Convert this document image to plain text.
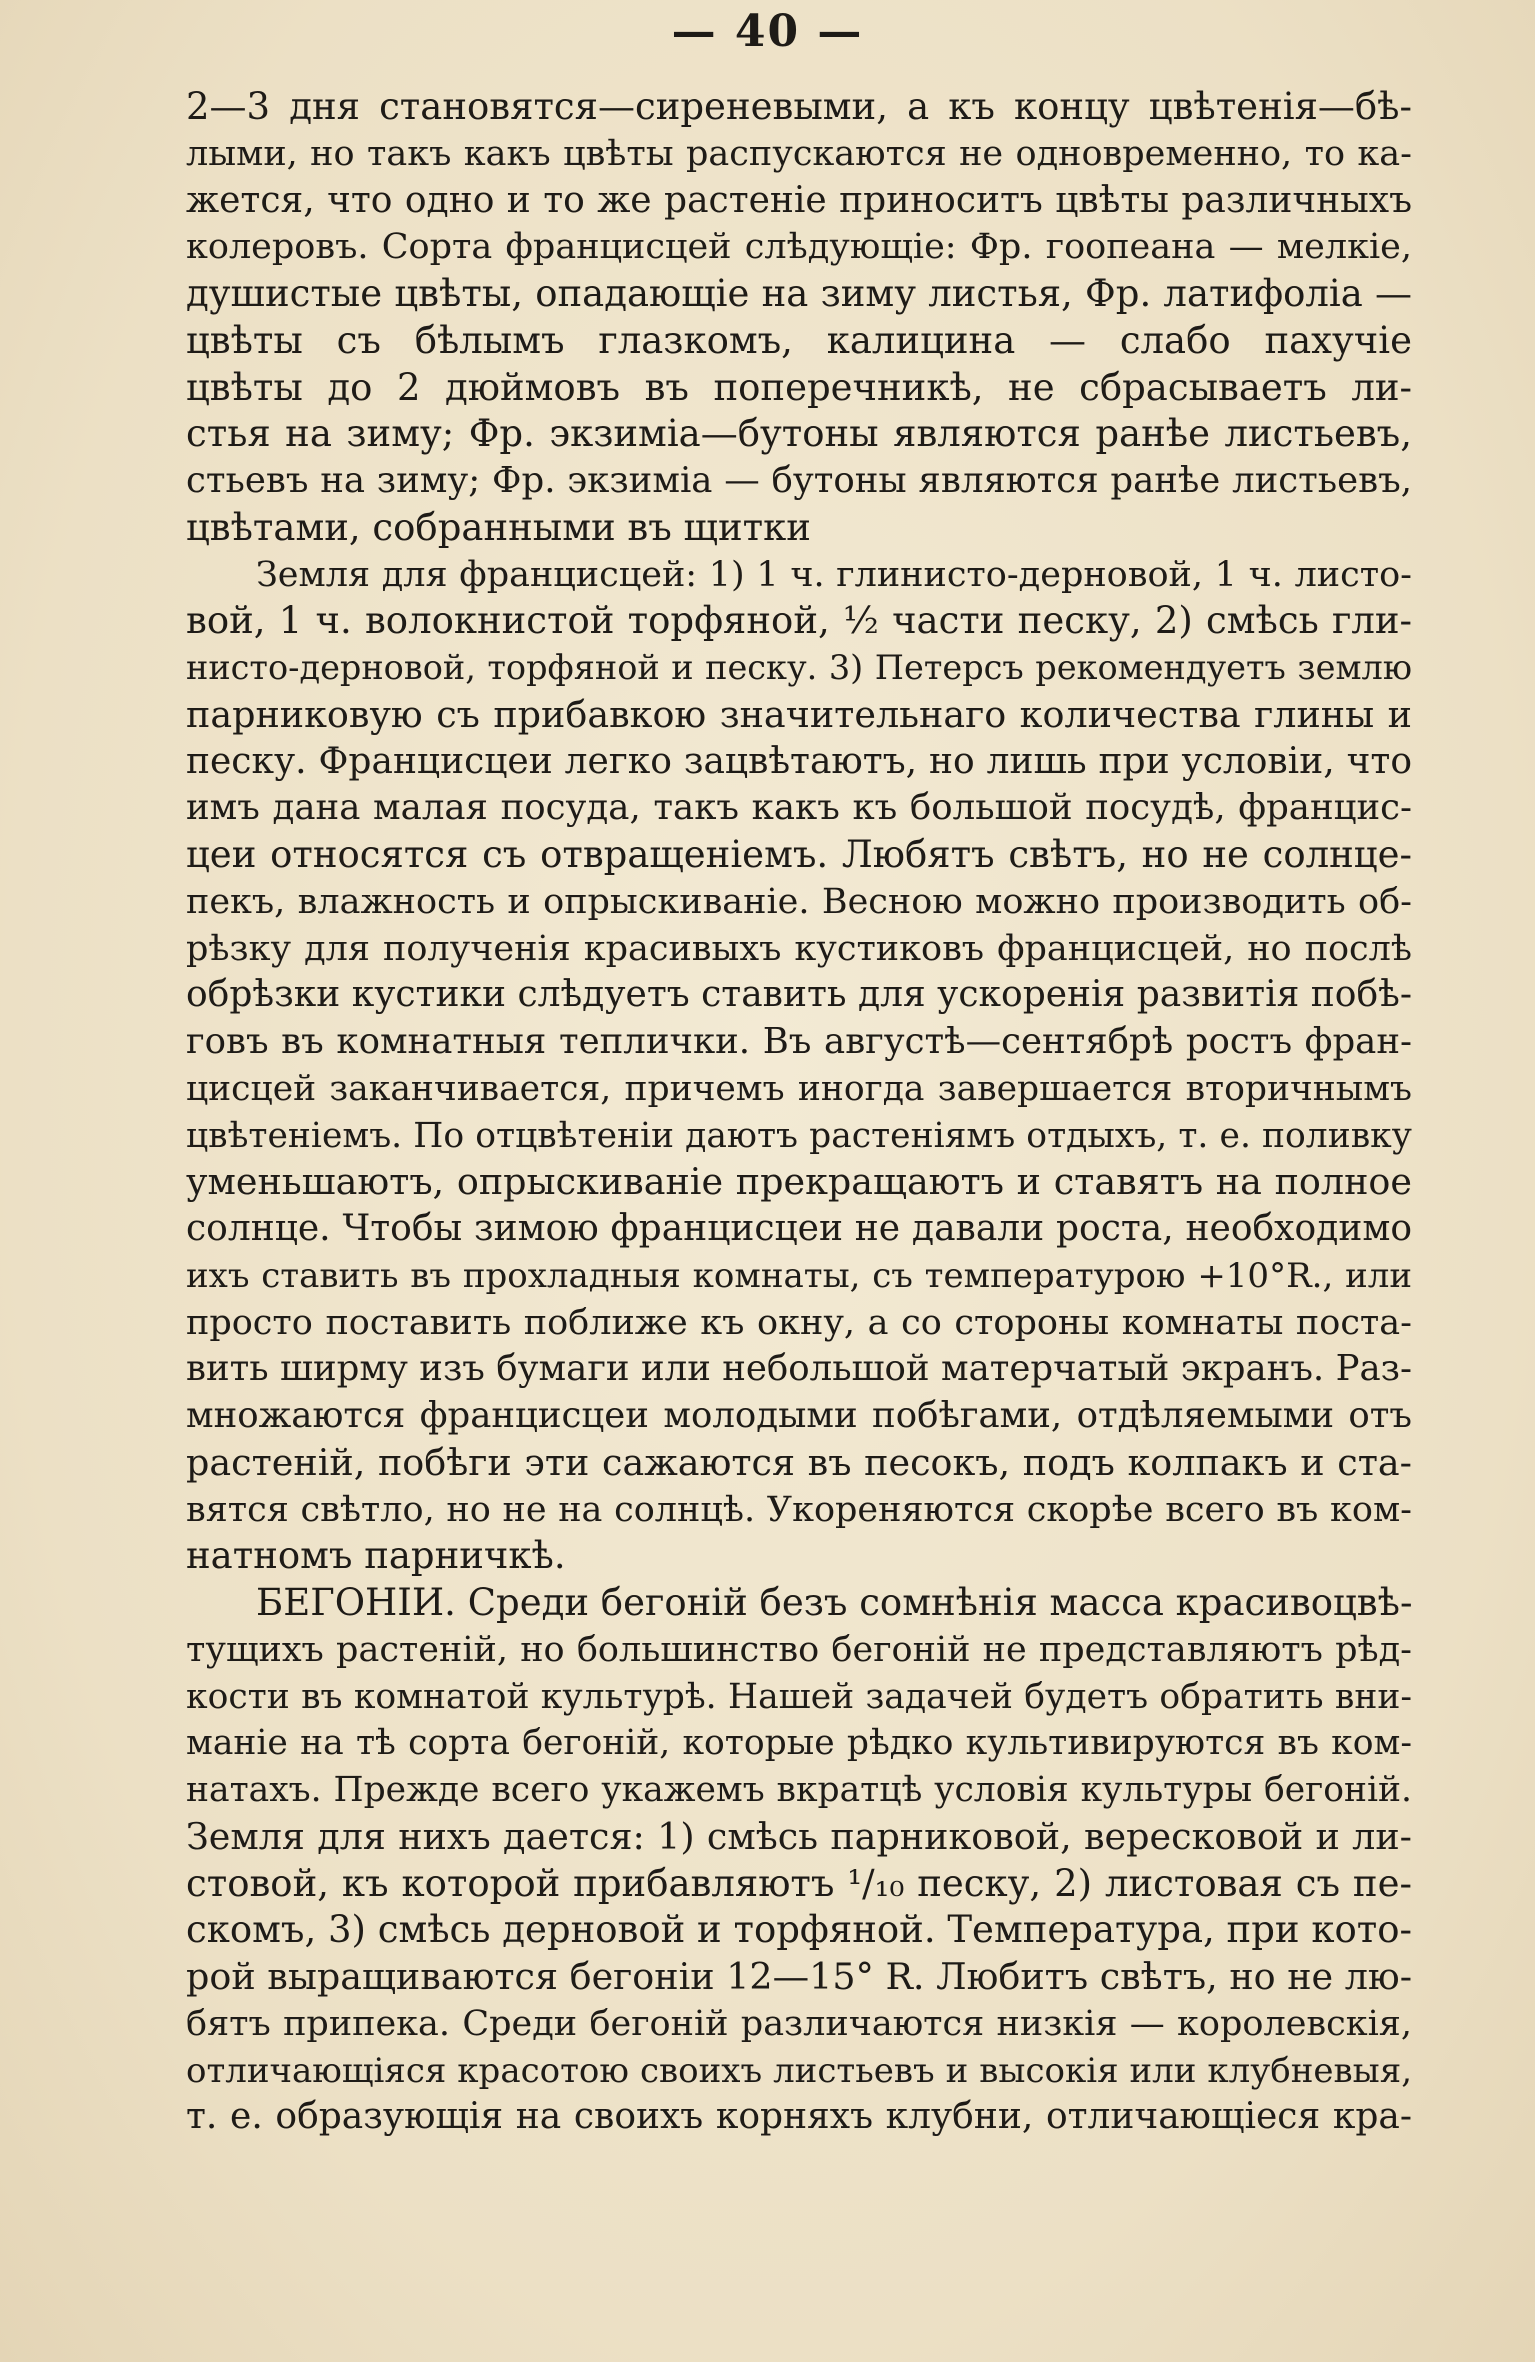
— 40 —
2—3 дня становятся—сиреневыми, а къ концу цвѣтенія—бѣ-
лыми, но такъ какъ цвѣты распускаются не одновременно, то ка-
жется, что одно и то же растеніе приноситъ цвѣты различныхъ
колеровъ. Сорта францисцей слѣдующіе: Фр. гоопеана — мелкіе,
душистые цвѣты, опадающіе на зиму листья, Фр. латифоліа —
цвѣты съ бѣлымъ глазкомъ, калицина — слабо пахучіе
цвѣты до 2 дюймовъ въ поперечникѣ, не сбрасываетъ ли-
стья на зиму; Фр. экзиміа—бутоны являются ранѣе листьевъ,
стьевъ на зиму; Фр. экзиміа — бутоны являются ранѣе листьевъ,
цвѣтами, собранными въ щитки
Земля для францисцей: 1) 1 ч. глинисто-дерновой, 1 ч. листо-
вой, 1 ч. волокнистой торфяной, ½ части песку, 2) смѣсь гли-
нисто-дерновой, торфяной и песку. 3) Петерсъ рекомендуетъ землю
парниковую съ прибавкою значительнаго количества глины и
песку. Францисцеи легко зацвѣтаютъ, но лишь при условіи, что
имъ дана малая посуда, такъ какъ къ большой посудѣ, францис-
цеи относятся съ отвращеніемъ. Любятъ свѣтъ, но не солнце-
пекъ, влажность и опрыскиваніе. Весною можно производить об-
рѣзку для полученія красивыхъ кустиковъ францисцей, но послѣ
обрѣзки кустики слѣдуетъ ставить для ускоренія развитія побѣ-
говъ въ комнатныя теплички. Въ августѣ—сентябрѣ ростъ фран-
цисцей заканчивается, причемъ иногда завершается вторичнымъ
цвѣтеніемъ. По отцвѣтеніи даютъ растеніямъ отдыхъ, т. е. поливку
уменьшаютъ, опрыскиваніе прекращаютъ и ставятъ на полное
солнце. Чтобы зимою францисцеи не давали роста, необходимо
ихъ ставить въ прохладныя комнаты, съ температурою +10°R., или
просто поставить поближе къ окну, а со стороны комнаты поста-
вить ширму изъ бумаги или небольшой матерчатый экранъ. Раз-
множаются францисцеи молодыми побѣгами, отдѣляемыми отъ
растеній, побѣги эти сажаются въ песокъ, подъ колпакъ и ста-
вятся свѣтло, но не на солнцѣ. Укореняются скорѣе всего въ ком-
натномъ парничкѣ.
БЕГОНІИ. Среди бегоній безъ сомнѣнія масса красивоцвѣ-
тущихъ растеній, но большинство бегоній не представляютъ рѣд-
кости въ комнатой культурѣ. Нашей задачей будетъ обратить вни-
маніе на тѣ сорта бегоній, которые рѣдко культивируются въ ком-
натахъ. Прежде всего укажемъ вкратцѣ условія культуры бегоній.
Земля для нихъ дается: 1) смѣсь парниковой, вересковой и ли-
стовой, къ которой прибавляютъ ¹/₁₀ песку, 2) листовая съ пе-
скомъ, 3) смѣсь дерновой и торфяной. Температура, при кото-
рой выращиваются бегоніи 12—15° R. Любитъ свѣтъ, но не лю-
бятъ припека. Среди бегоній различаются низкія — королевскія,
отличающіяся красотою своихъ листьевъ и высокія или клубневыя,
т. е. образующія на своихъ корняхъ клубни, отличающіеся кра-
